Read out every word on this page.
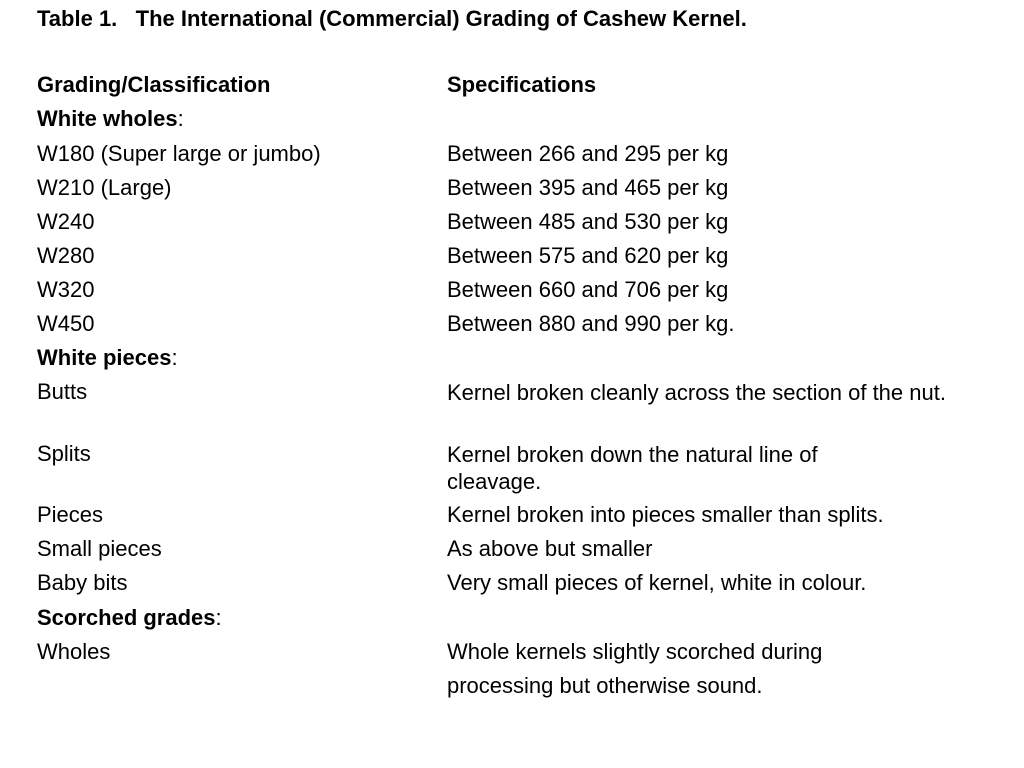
Table 1.   The International (Commercial) Grading of Cashew Kernel.
Grading/Classification	Specifications
White wholes:
W180 (Super large or jumbo)	Between 266 and 295 per kg
W210 (Large)	Between 395 and 465 per kg
W240	Between 485 and 530 per kg
W280	Between 575 and 620 per kg
W320	Between 660 and 706 per kg
W450	Between 880 and 990 per kg.
White pieces:
Butts	Kernel broken cleanly across the section of the nut.
Splits	Kernel broken down the natural line of cleavage.
Pieces	Kernel broken into pieces smaller than splits.
Small pieces	As above but smaller
Baby bits	Very small pieces of kernel, white in colour.
Scorched grades:
Wholes	Whole kernels slightly scorched during
processing but otherwise sound.
